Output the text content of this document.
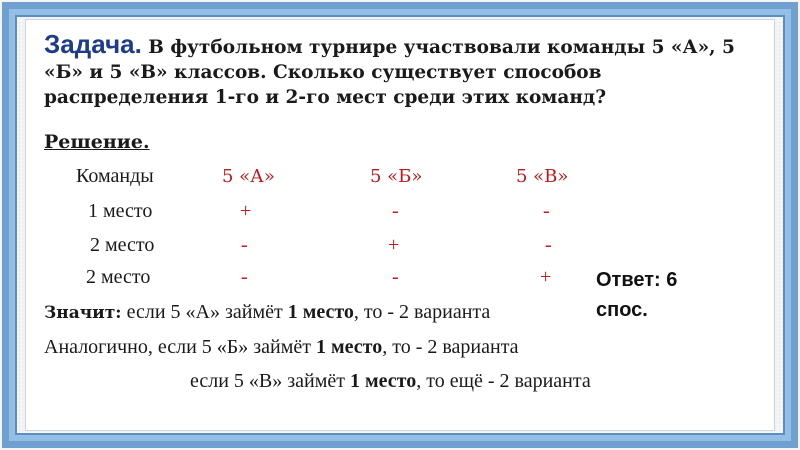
Задача. В футбольном турнире участвовали команды 5 «А», 5 «Б» и 5 «В» классов. Сколько существует способов распределения 1-го и 2-го мест среди этих команд?
Решение.
Команды	5 «А»	5 «Б»	5 «В»
1 место	+	-	-
2 место	-	+	-
2 место	-	-	+ Ответ: 6
спос.
Значит: если 5 «А» займёт 1 место, то - 2 варианта
Аналогично, если 5 «Б» займёт 1 место, то - 2 варианта
если 5 «В» займёт 1 место, то ещё - 2 варианта
